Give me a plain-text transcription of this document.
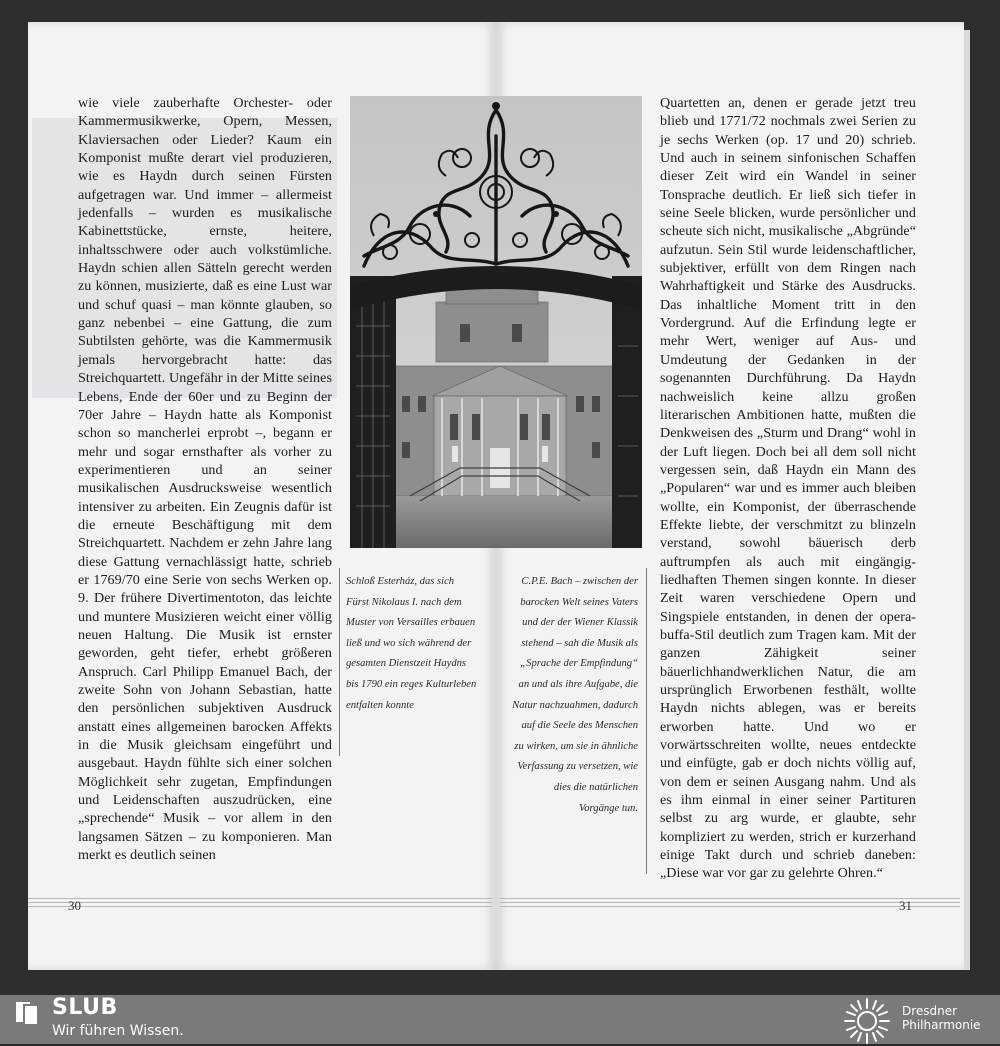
wie viele zauberhafte Orchester- oder Kammermusikwerke, Opern, Messen, Klaviersachen oder Lieder? Kaum ein Komponist mußte derart viel produzieren, wie es Haydn durch seinen Fürsten aufgetragen war. Und immer – allermeist jedenfalls – wurden es musikalische Kabinettstücke, ernste, heitere, inhaltsschwere oder auch volkstümliche. Haydn schien allen Sätteln gerecht werden zu können, musizierte, daß es eine Lust war und schuf quasi – man könnte glauben, so ganz nebenbei – eine Gattung, die zum Subtilsten gehörte, was die Kammermusik jemals hervorgebracht hatte: das Streichquartett. Ungefähr in der Mitte seines Lebens, Ende der 60er und zu Beginn der 70er Jahre – Haydn hatte als Komponist schon so mancherlei erprobt –, begann er mehr und sogar ernsthafter als vorher zu experimentieren und an seiner musikalischen Ausdrucksweise wesentlich intensiver zu arbeiten. Ein Zeugnis dafür ist die erneute Beschäftigung mit dem Streichquartett. Nachdem er zehn Jahre lang diese Gattung vernachlässigt hatte, schrieb er 1769/70 eine Serie von sechs Werken op. 9. Der frühere Divertimentoton, das leichte und muntere Musizieren weicht einer völlig neuen Haltung. Die Musik ist ernster geworden, geht tiefer, erhebt größeren Anspruch. Carl Philipp Emanuel Bach, der zweite Sohn von Johann Sebastian, hatte den persönlichen subjektiven Ausdruck anstatt eines allgemeinen barocken Affekts in die Musik gleichsam eingeführt und ausgebaut. Haydn fühlte sich einer solchen Möglichkeit sehr zugetan, Empfindungen und Leidenschaften auszudrücken, eine „sprechende“ Musik – vor allem in den langsamen Sätzen – zu komponieren. Man merkt es deutlich seinen
Schloß Esterház, das sich Fürst Nikolaus I. nach dem Muster von Versailles erbauen ließ und wo sich während der gesamten Dienstzeit Haydns bis 1790 ein reges Kulturleben entfalten konnte
C.P.E. Bach – zwischen der barocken Welt seines Vaters und der der Wiener Klassik stehend – sah die Musik als „Sprache der Empfindung“ an und als ihre Aufgabe, die Natur nachzuahmen, dadurch auf die Seele des Menschen zu wirken, um sie in ähnliche Verfassung zu versetzen, wie dies die natürlichen Vorgänge tun.
Quartetten an, denen er gerade jetzt treu blieb und 1771/72 nochmals zwei Serien zu je sechs Werken (op. 17 und 20) schrieb. Und auch in seinem sinfonischen Schaffen dieser Zeit wird ein Wandel in seiner Tonsprache deutlich. Er ließ sich tiefer in seine Seele blicken, wurde persönlicher und scheute sich nicht, musikalische „Abgründe“ aufzutun. Sein Stil wurde leidenschaftlicher, subjektiver, erfüllt von dem Ringen nach Wahrhaftigkeit und Stärke des Ausdrucks. Das inhaltliche Moment tritt in den Vordergrund. Auf die Erfindung legte er mehr Wert, weniger auf Aus- und Umdeutung der Gedanken in der sogenannten Durchführung. Da Haydn nachweislich keine allzu großen literarischen Ambitionen hatte, mußten die Denkweisen des „Sturm und Drang“ wohl in der Luft liegen. Doch bei all dem soll nicht vergessen sein, daß Haydn ein Mann des „Popularen“ war und es immer auch bleiben wollte, ein Komponist, der überraschende Effekte liebte, der verschmitzt zu blinzeln verstand, sowohl bäuerisch derb auftrumpfen als auch mit eingängig-liedhaften Themen singen konnte. In dieser Zeit waren verschiedene Opern und Singspiele entstanden, in denen der opera-buffa-Stil deutlich zum Tragen kam. Mit der ganzen Zähigkeit seiner bäuerlichhandwerklichen Natur, die am ursprünglich Erworbenen festhält, wollte Haydn nichts ablegen, was er bereits erworben hatte. Und wo er vorwärtsschreiten wollte, neues entdeckte und einfügte, gab er doch nichts völlig auf, von dem er seinen Ausgang nahm. Und als es ihm einmal in einer seiner Partituren selbst zu arg wurde, er glaubte, sehr kompliziert zu werden, strich er kurzerhand einige Takt durch und schrieb daneben: „Diese war vor gar zu gelehrte Ohren.“
30	31
SLUB
Wir führen Wissen.
Dresdner
Philharmonie
